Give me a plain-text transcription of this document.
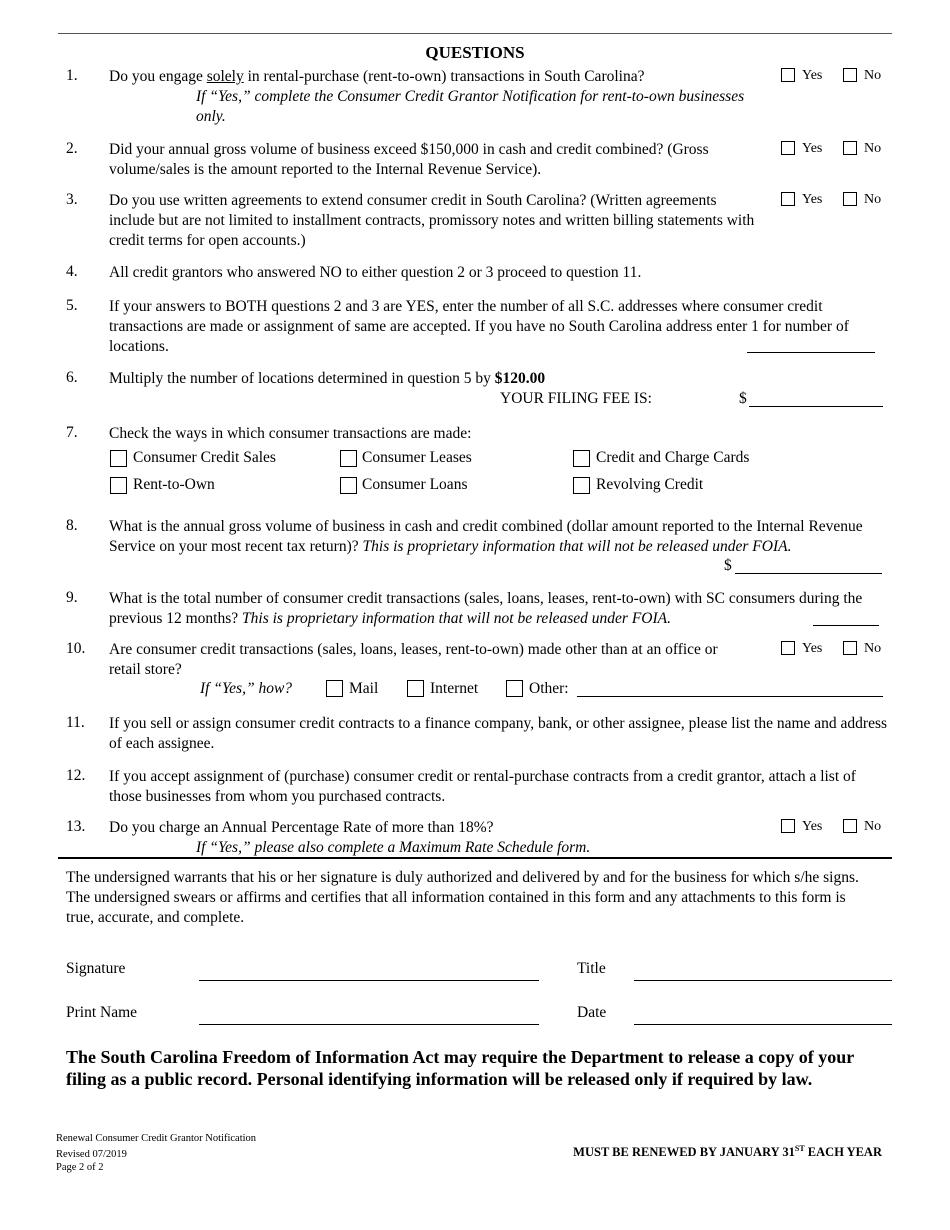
QUESTIONS
1. Do you engage solely in rental-purchase (rent-to-own) transactions in South Carolina?
If “Yes,” complete the Consumer Credit Grantor Notification for rent-to-own businesses only.
Yes	No
2. Did your annual gross volume of business exceed $150,000 in cash and credit combined? (Gross volume/sales is the amount reported to the Internal Revenue Service).
Yes	No
3. Do you use written agreements to extend consumer credit in South Carolina? (Written agreements include but are not limited to installment contracts, promissory notes and written billing statements with credit terms for open accounts.)
Yes	No
4. All credit grantors who answered NO to either question 2 or 3 proceed to question 11.
5. If your answers to BOTH questions 2 and 3 are YES, enter the number of all S.C. addresses where consumer credit transactions are made or assignment of same are accepted. If you have no South Carolina address enter 1 for number of locations.
6. Multiply the number of locations determined in question 5 by $120.00
YOUR FILING FEE IS:	$
7. Check the ways in which consumer transactions are made:
Consumer Credit Sales	Consumer Leases	Credit and Charge Cards
Rent-to-Own	Consumer Loans	Revolving Credit
8. What is the annual gross volume of business in cash and credit combined (dollar amount reported to the Internal Revenue Service on your most recent tax return)? This is proprietary information that will not be released under FOIA.
$
9. What is the total number of consumer credit transactions (sales, loans, leases, rent-to-own) with SC consumers during the previous 12 months? This is proprietary information that will not be released under FOIA.
10. Are consumer credit transactions (sales, loans, leases, rent-to-own) made other than at an office or retail store?
Yes	No
If “Yes,” how?	Mail	Internet	Other:
11. If you sell or assign consumer credit contracts to a finance company, bank, or other assignee, please list the name and address of each assignee.
12. If you accept assignment of (purchase) consumer credit or rental-purchase contracts from a credit grantor, attach a list of those businesses from whom you purchased contracts.
13. Do you charge an Annual Percentage Rate of more than 18%?
If “Yes,” please also complete a Maximum Rate Schedule form.
Yes	No
The undersigned warrants that his or her signature is duly authorized and delivered by and for the business for which s/he signs. The undersigned swears or affirms and certifies that all information contained in this form and any attachments to this form is true, accurate, and complete.
Signature	Title
Print Name	Date
The South Carolina Freedom of Information Act may require the Department to release a copy of your filing as a public record. Personal identifying information will be released only if required by law.
Renewal Consumer Credit Grantor Notification
Revised 07/2019
Page 2 of 2
MUST BE RENEWED BY JANUARY 31ST EACH YEAR
